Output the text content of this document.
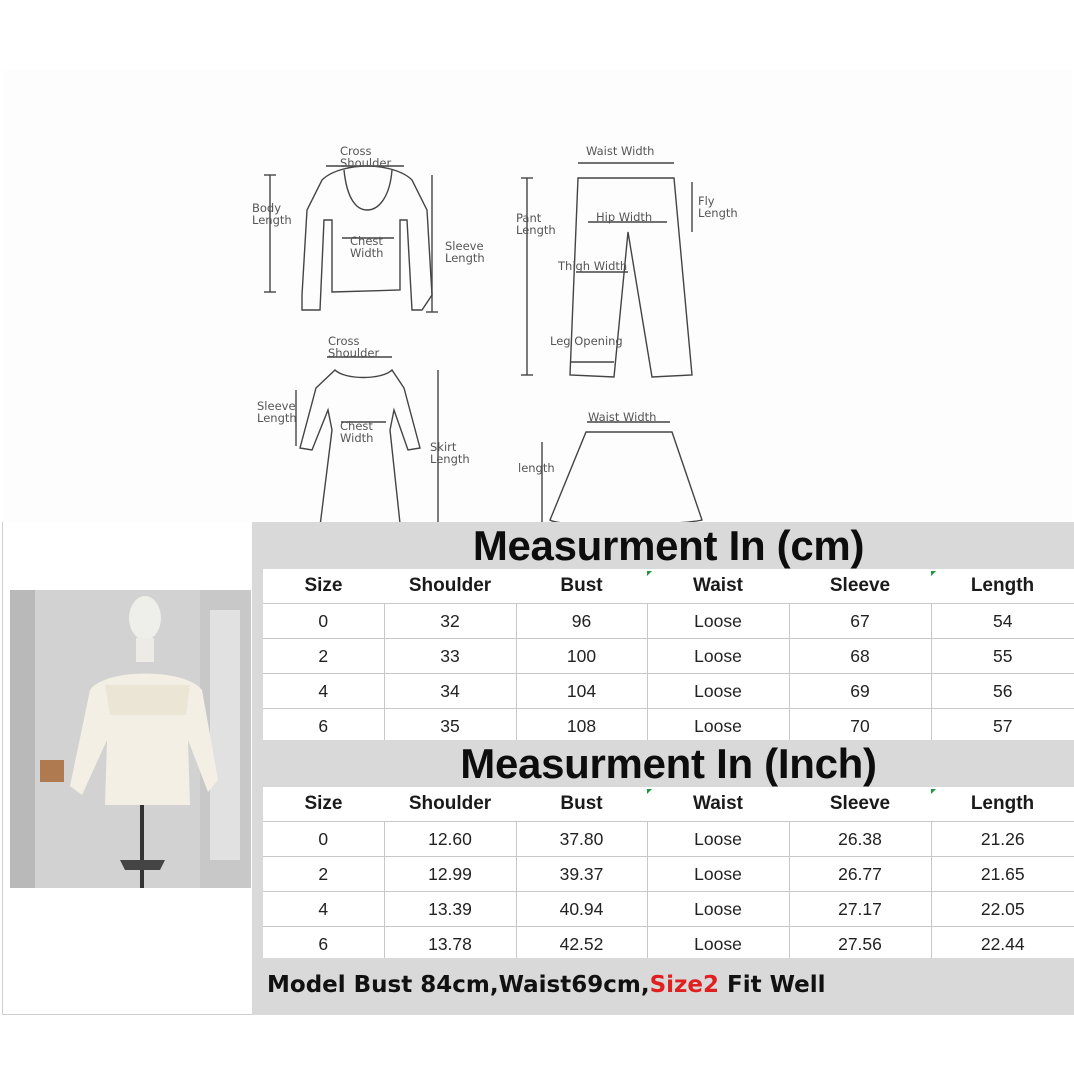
Cross
Shoulder
Body
Length
Chest
Width	Sleeve
Length
Waist Width
Hip Width
Fly
Length
Pant
Length
Thigh Width
Leg Opening
Cross
Shoulder
Sleeve
Length
Chest
Width
Skirt
Length
Waist Width
length
Measurment In (cm)
Size	Shoulder	Bust	Waist	Sleeve	Length
0	32	96	Loose	67	54
2	33	100	Loose	68	55
4	34	104	Loose	69	56
6	35	108	Loose	70	57
Measurment In (Inch)
Size	Shoulder	Bust	Waist	Sleeve	Length
0	12.60	37.80	Loose	26.38	21.26
2	12.99	39.37	Loose	26.77	21.65
4	13.39	40.94	Loose	27.17	22.05
6	13.78	42.52	Loose	27.56	22.44
Model Bust 84cm,Waist69cm,Size2 Fit Well
